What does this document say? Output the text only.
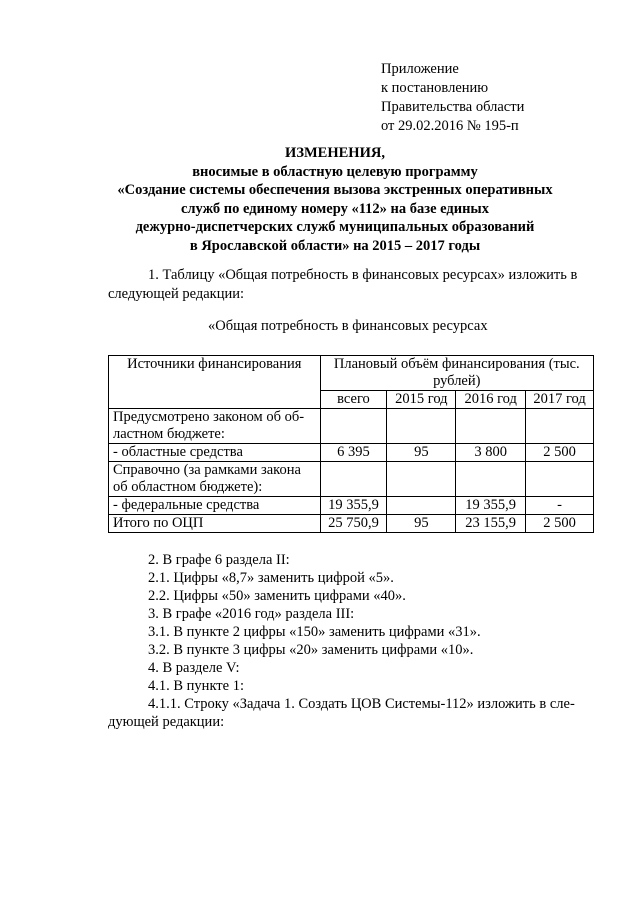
Приложение
к постановлению
Правительства области
от 29.02.2016 № 195-п
ИЗМЕНЕНИЯ,
вносимые в областную целевую программу
«Создание системы обеспечения вызова экстренных оперативных
служб по единому номеру «112» на базе единых
дежурно-диспетчерских служб муниципальных образований
в Ярославской области» на 2015 – 2017 годы
1. Таблицу «Общая потребность в финансовых ресурсах» изложить в следующей редакции:
«Общая потребность в финансовых ресурсах
Источники финансирования	Плановый объём финансирования (тыс. рублей)			
	всего	2015 год	2016 год	2017 год
Предусмотрено законом об об-ластном бюджете:				
- областные средства	6 395	95	3 800	2 500
Справочно (за рамками закона об областном бюджете):				
- федеральные средства	19 355,9		19 355,9	-
Итого по ОЦП	25 750,9	95	23 155,9	2 500
2. В графе 6 раздела II:
2.1. Цифры «8,7» заменить цифрой «5».
2.2. Цифры «50» заменить цифрами «40».
3. В графе «2016 год» раздела III:
3.1. В пункте 2 цифры «150» заменить цифрами «31».
3.2. В пункте 3 цифры «20» заменить цифрами «10».
4. В разделе V:
4.1. В пункте 1:
4.1.1. Строку «Задача 1. Создать ЦОВ Системы-112» изложить в сле-дующей редакции:
